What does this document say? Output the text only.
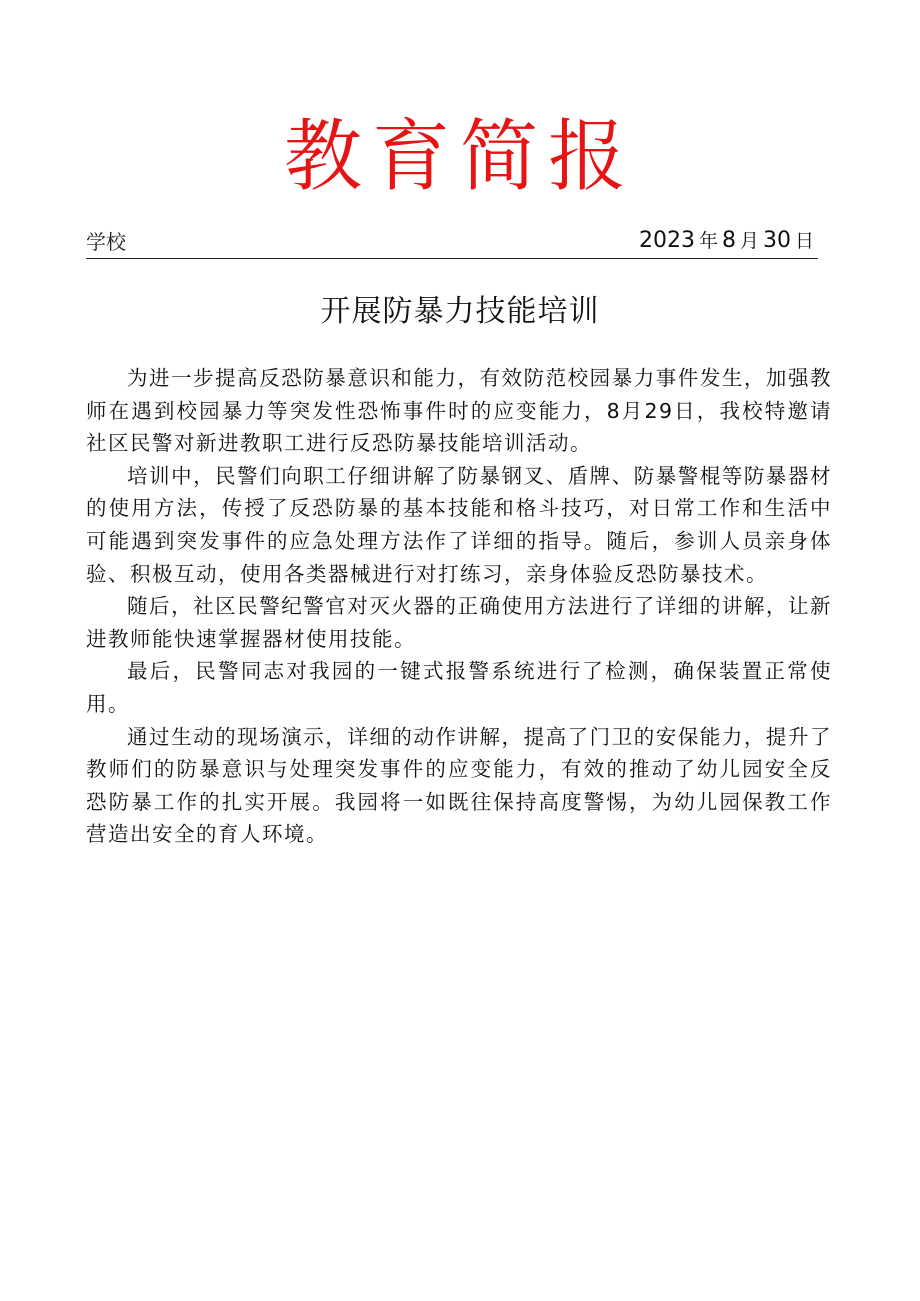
教育简报
学校	2023 年 8 月 30 日
开展防暴力技能培训

为进一步提高反恐防暴意识和能力，有效防范校园暴力事件发生，加强教师在遇到校园暴力等突发性恐怖事件时的应变能力，8月29日，我校特邀请社区民警对新进教职工进行反恐防暴技能培训活动。

培训中，民警们向职工仔细讲解了防暴钢叉、盾牌、防暴警棍等防暴器材的使用方法，传授了反恐防暴的基本技能和格斗技巧，对日常工作和生活中可能遇到突发事件的应急处理方法作了详细的指导。随后，参训人员亲身体验、积极互动，使用各类器械进行对打练习，亲身体验反恐防暴技术。

随后，社区民警纪警官对灭火器的正确使用方法进行了详细的讲解，让新进教师能快速掌握器材使用技能。

最后，民警同志对我园的一键式报警系统进行了检测，确保装置正常使用。

通过生动的现场演示，详细的动作讲解，提高了门卫的安保能力，提升了教师们的防暴意识与处理突发事件的应变能力，有效的推动了幼儿园安全反恐防暴工作的扎实开展。我园将一如既往保持高度警惕，为幼儿园保教工作营造出安全的育人环境。
